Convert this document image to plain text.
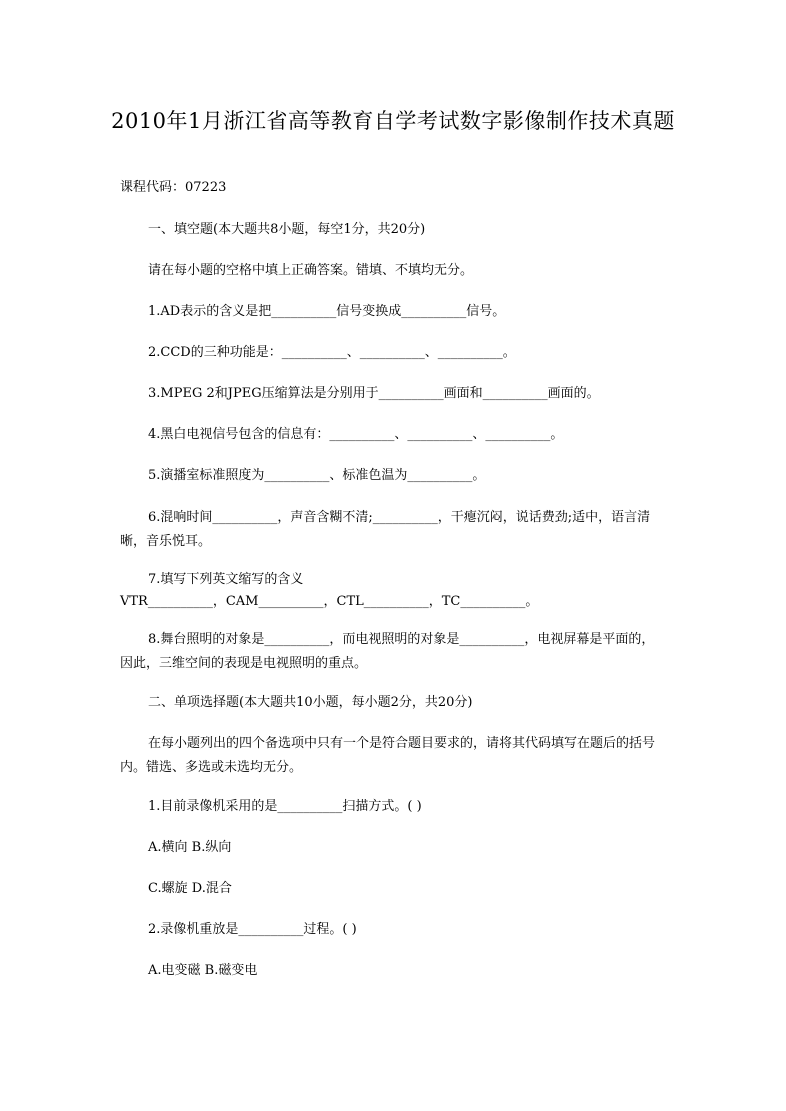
2010年1月浙江省高等教育自学考试数字影像制作技术真题
课程代码：07223
一、填空题(本大题共8小题，每空1分，共20分)
请在每小题的空格中填上正确答案。错填、不填均无分。
1.AD表示的含义是把__________信号变换成__________信号。
2.CCD的三种功能是：__________、__________、__________。
3.MPEG 2和JPEG压缩算法是分别用于__________画面和__________画面的。
4.黑白电视信号包含的信息有：__________、__________、__________。
5.演播室标准照度为__________、标准色温为__________。
6.混响时间__________，声音含糊不清;__________，干瘪沉闷，说话费劲;适中，语言清晰，音乐悦耳。
7.填写下列英文缩写的含义
VTR__________，CAM__________，CTL__________，TC__________。
8.舞台照明的对象是__________，而电视照明的对象是__________，电视屏幕是平面的，因此，三维空间的表现是电视照明的重点。
二、单项选择题(本大题共10小题，每小题2分，共20分)
在每小题列出的四个备选项中只有一个是符合题目要求的，请将其代码填写在题后的括号内。错选、多选或未选均无分。
1.目前录像机采用的是__________扫描方式。( )
A.横向 B.纵向
C.螺旋 D.混合
2.录像机重放是__________过程。( )
A.电变磁 B.磁变电
